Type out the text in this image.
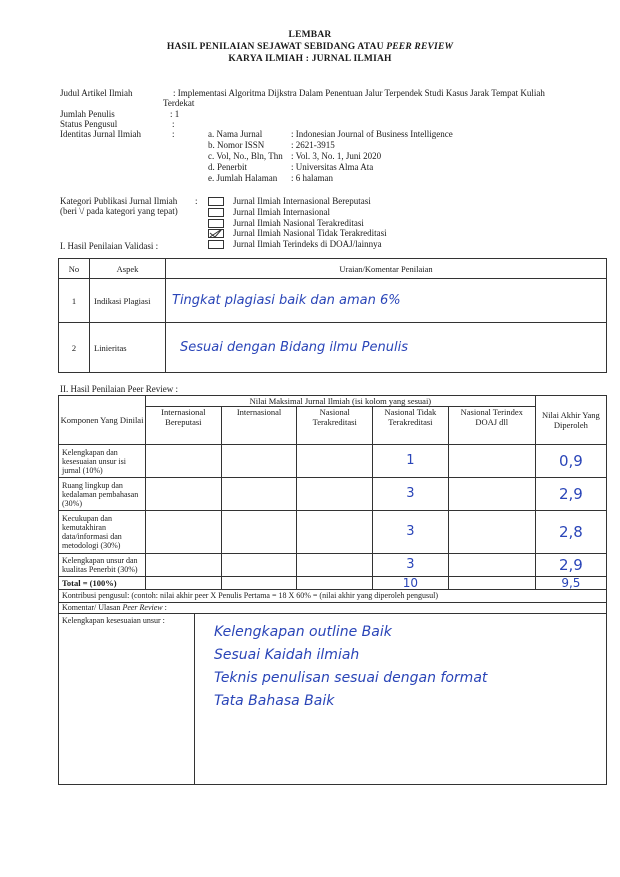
LEMBAR
HASIL PENILAIAN SEJAWAT SEBIDANG ATAU PEER REVIEW
KARYA ILMIAH : JURNAL ILMIAH
Judul Artikel Ilmiah	: Implementasi Algoritma Dijkstra Dalam Penentuan Jalur Terpendek Studi Kasus Jarak Tempat Kuliah
Terdekat
Jumlah Penulis	: 1
Status Pengusul	:
Identitas Jurnal Ilmiah	:	a. Nama Jurnal	: Indonesian Journal of Business Intelligence
b. Nomor ISSN	: 2621-3915
c. Vol, No., Bln, Thn : Vol. 3, No. 1, Juni 2020
d. Penerbit	: Universitas Alma Ata
e. Jumlah Halaman : 6 halaman
Kategori Publikasi Jurnal Ilmiah
(beri \/ pada kategori yang tepat)
:	Jurnal Ilmiah Internasional Bereputasi
Jurnal Ilmiah Internasional
Jurnal Ilmiah Nasional Terakreditasi
Jurnal Ilmiah Nasional Tidak Terakreditasi
Jurnal Ilmiah Terindeks di DOAJ/lainnya
I. Hasil Penilaian Validasi :
No	Aspek	Uraian/Komentar Penilaian
1	Indikasi Plagiasi	Tingkat plagiasi baik dan aman 6%
2	Linieritas	Sesuai dengan Bidang ilmu Penulis
II. Hasil Penilaian Peer Review :
Komponen Yang Dinilai	Nilai Maksimal Jurnal Ilmiah (isi kolom yang sesuai)					Nilai Akhir Yang Diperoleh
	Internasional Bereputasi	Internasional	Nasional Terakreditasi	Nasional Tidak Terakreditasi	Nasional Terindex DOAJ dll	
Kelengkapan dan kesesuaian unsur isi jurnal (10%)				1		0,9
Ruang lingkup dan kedalaman pembahasan (30%)				3		2,9
Kecukupan dan kemutakhiran data/informasi dan metodologi (30%)				3		2,8
Kelengkapan unsur dan kualitas Penerbit (30%)				3		2,9
Total = (100%)				10		9,5
Kontribusi pengusul: (contoh: nilai akhir peer X Penulis Pertama = 18 X 60% = (nilai akhir yang diperoleh pengusul)						
Komentar/ Ulasan Peer Review :						

Kelengkapan kesesuaian unsur :
Kelengkapan outline Baik
Sesuai Kaidah ilmiah
Teknis penulisan sesuai dengan format
Tata Bahasa Baik						
